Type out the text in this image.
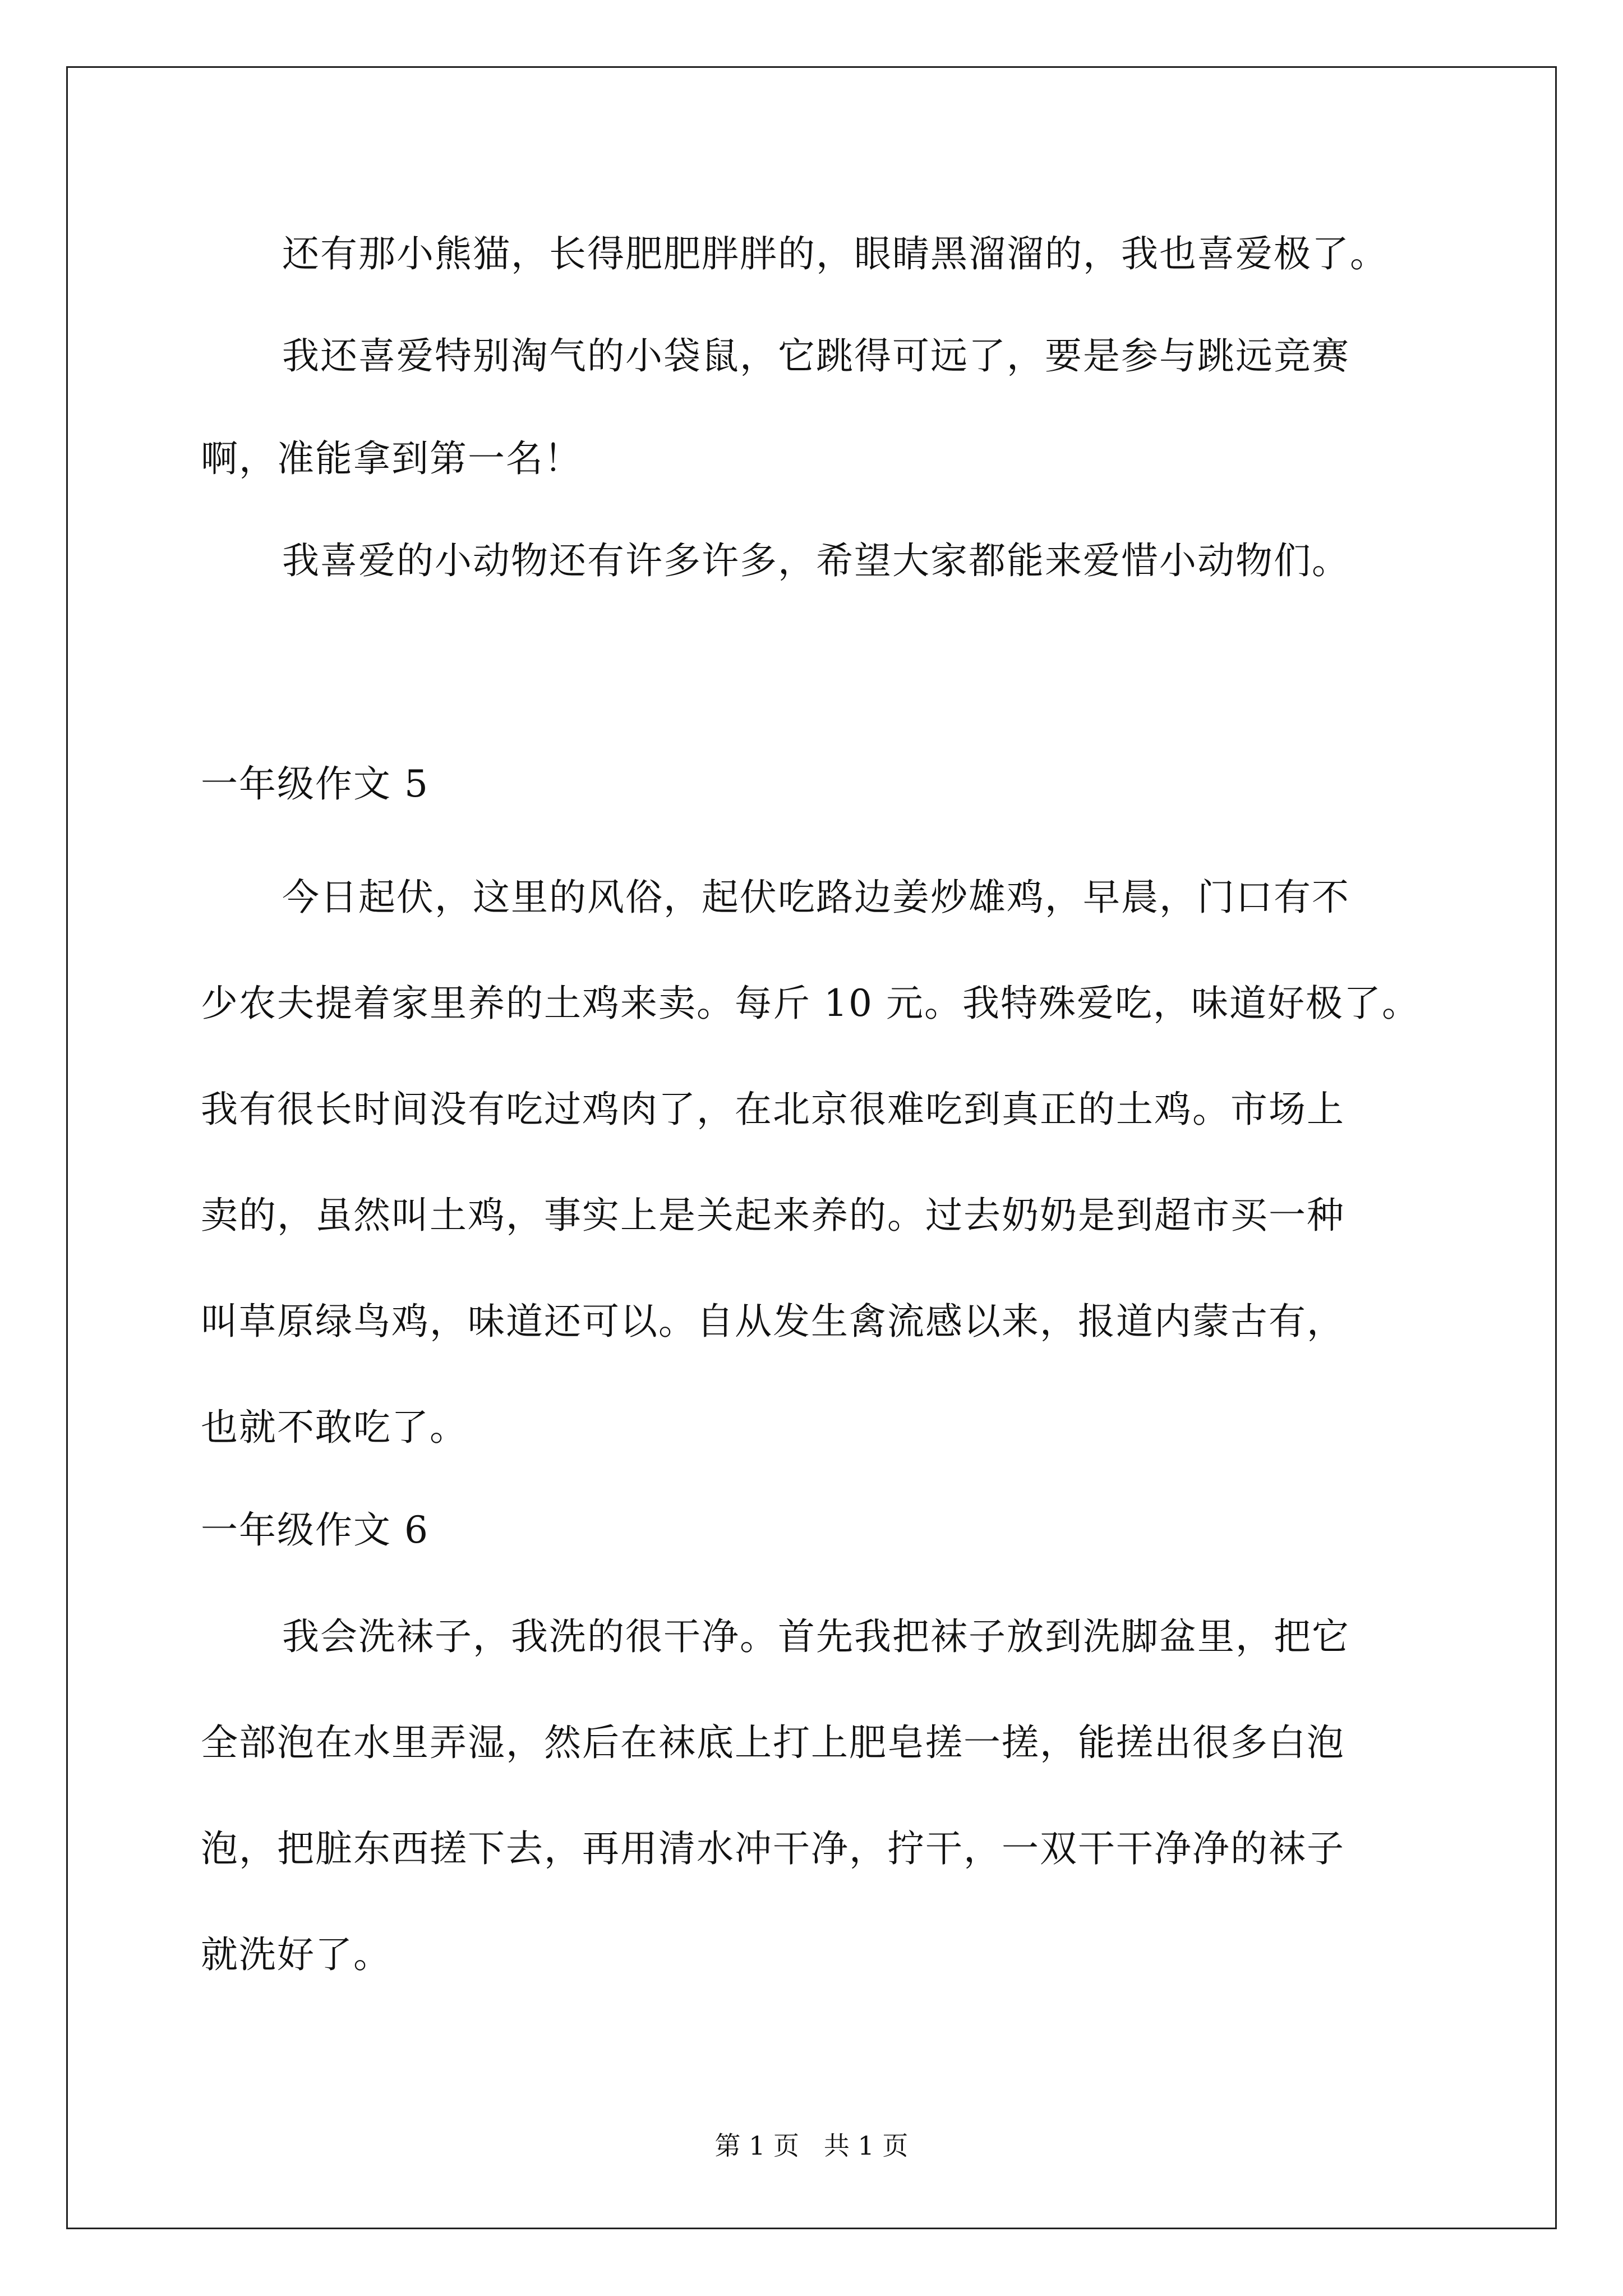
还有那小熊猫，长得肥肥胖胖的，眼睛黑溜溜的，我也喜爱极了。
我还喜爱特别淘气的小袋鼠，它跳得可远了，要是参与跳远竞赛
啊，准能拿到第一名！
我喜爱的小动物还有许多许多，希望大家都能来爱惜小动物们。
一年级作文 5
今日起伏，这里的风俗，起伏吃路边姜炒雄鸡，早晨，门口有不
少农夫提着家里养的土鸡来卖。每斤 10 元。我特殊爱吃，味道好极了。
我有很长时间没有吃过鸡肉了，在北京很难吃到真正的土鸡。市场上
卖的，虽然叫土鸡，事实上是关起来养的。过去奶奶是到超市买一种
叫草原绿鸟鸡，味道还可以。自从发生禽流感以来，报道内蒙古有，
也就不敢吃了。
一年级作文 6
我会洗袜子，我洗的很干净。首先我把袜子放到洗脚盆里，把它
全部泡在水里弄湿，然后在袜底上打上肥皂搓一搓，能搓出很多白泡
泡，把脏东西搓下去，再用清水冲干净，拧干，一双干干净净的袜子
就洗好了。
第 1 页   共 1 页
